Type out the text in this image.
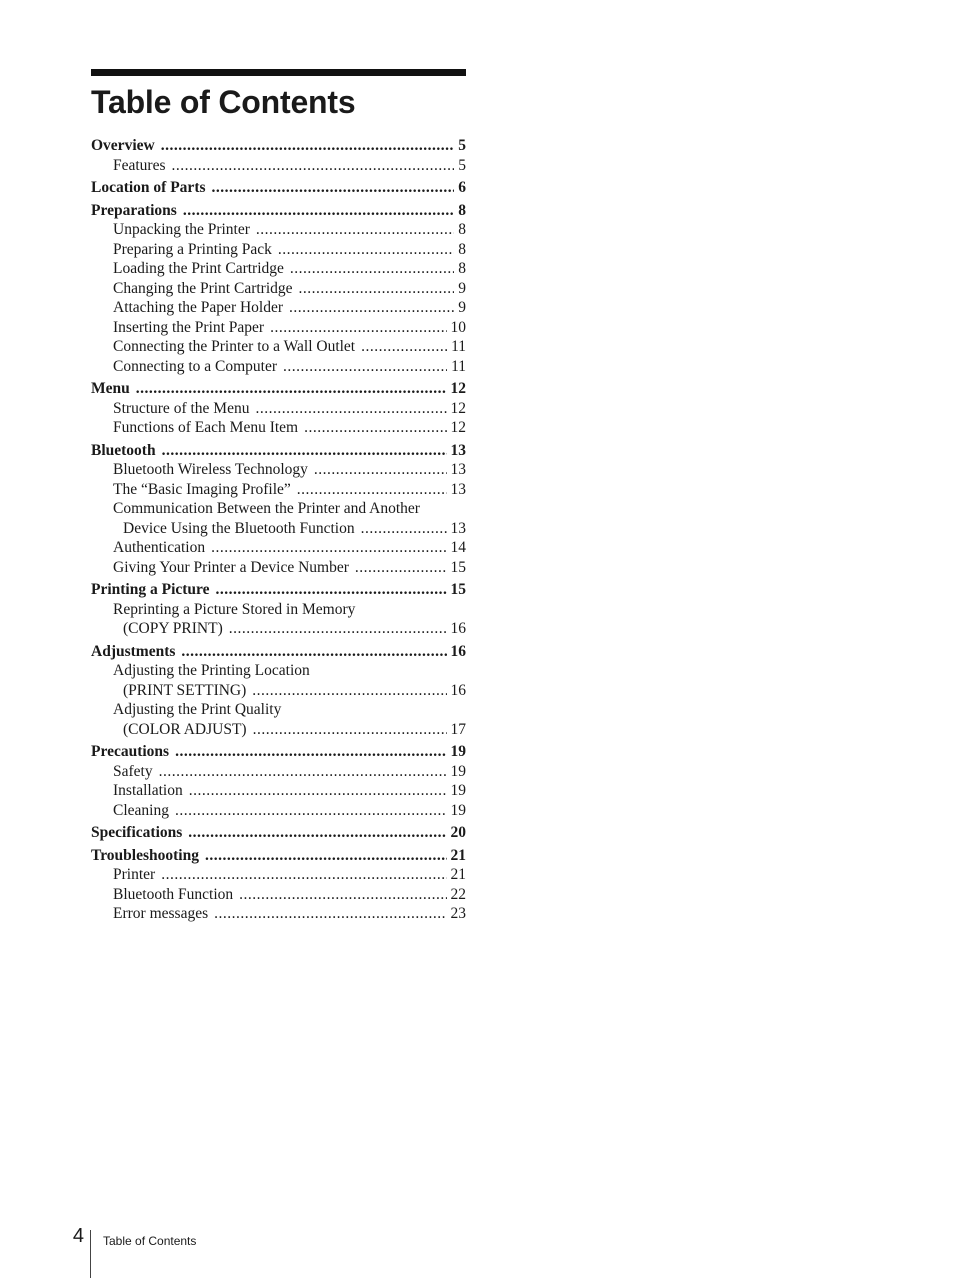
Table of Contents
Overview .....	5
Features .....	5
Location of Parts .....	6
Preparations .....	8
Unpacking the Printer .....	8
Preparing a Printing Pack .....	8
Loading the Print Cartridge .....	8
Changing the Print Cartridge .....	9
Attaching the Paper Holder .....	9
Inserting the Print Paper .....	10
Connecting the Printer to a Wall Outlet .....	11
Connecting to a Computer .....	11
Menu .....	12
Structure of the Menu .....	12
Functions of Each Menu Item .....	12
Bluetooth .....	13
Bluetooth Wireless Technology .....	13
The “Basic Imaging Profile” .....	13
Communication Between the Printer and Another
Device Using the Bluetooth Function .....	13
Authentication .....	14
Giving Your Printer a Device Number .....	15
Printing a Picture .....	15
Reprinting a Picture Stored in Memory
(COPY PRINT) .....	16
Adjustments .....	16
Adjusting the Printing Location
(PRINT SETTING) .....	16
Adjusting the Print Quality
(COLOR ADJUST) .....	17
Precautions .....	19
Safety .....	19
Installation .....	19
Cleaning .....	19
Specifications .....	20
Troubleshooting .....	21
Printer .....	21
Bluetooth Function .....	22
Error messages .....	23
4 Table of Contents
